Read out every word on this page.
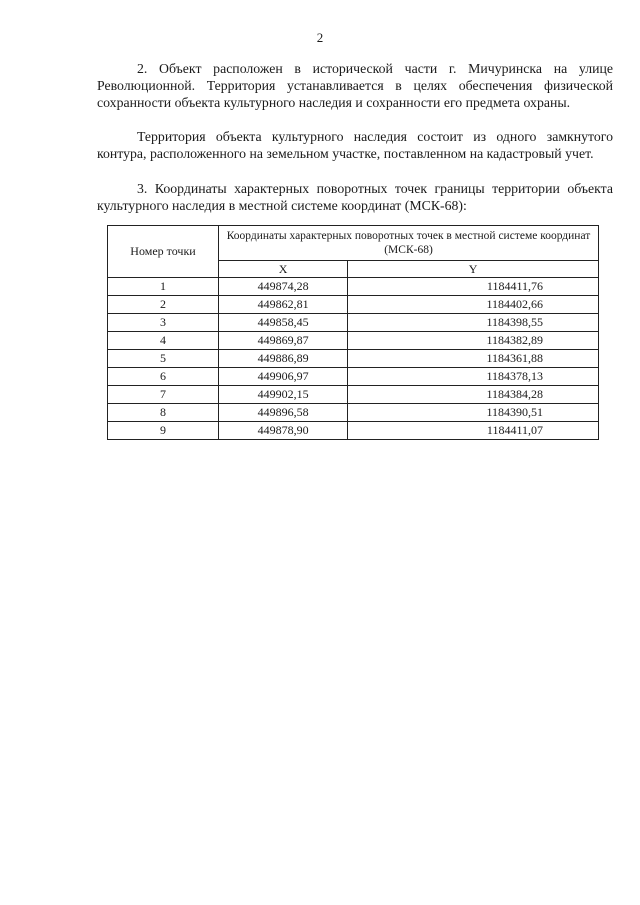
2

2. Объект расположен в исторической части г. Мичуринска на улице Революционной. Территория устанавливается в целях обеспечения физической сохранности объекта культурного наследия и сохранности его предмета охраны.

Территория объекта культурного наследия состоит из одного замкнутого контура, расположенного на земельном участке, поставленном на кадастровый учет.

3. Координаты характерных поворотных точек границы территории объекта культурного наследия в местной системе координат (МСК-68):

Номер точки	Координаты характерных поворотных точек в местной системе координат (МСК-68)	
	X	Y
1	449874,28	1184411,76
2	449862,81	1184402,66
3	449858,45	1184398,55
4	449869,87	1184382,89
5	449886,89	1184361,88
6	449906,97	1184378,13
7	449902,15	1184384,28
8	449896,58	1184390,51
9	449878,90	1184411,07
